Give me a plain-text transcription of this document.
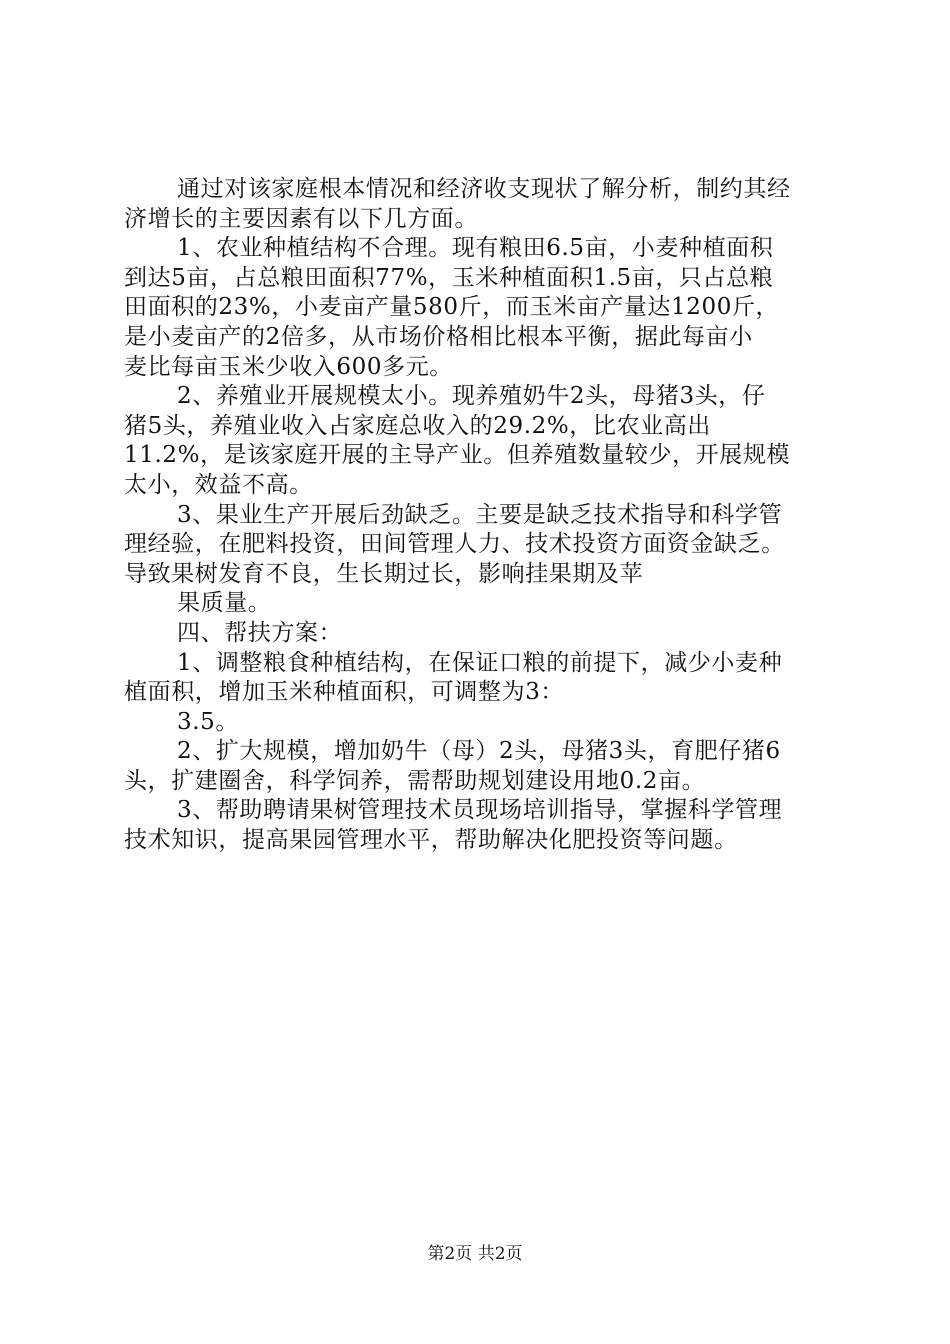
通过对该家庭根本情况和经济收支现状了解分析，制约其经
济增长的主要因素有以下几方面。
1、农业种植结构不合理。现有粮田6.5亩，小麦种植面积
到达5亩，占总粮田面积77%，玉米种植面积1.5亩，只占总粮
田面积的23%，小麦亩产量580斤，而玉米亩产量达1200斤，
是小麦亩产的2倍多，从市场价格相比根本平衡，据此每亩小
麦比每亩玉米少收入600多元。
2、养殖业开展规模太小。现养殖奶牛2头，母猪3头，仔
猪5头，养殖业收入占家庭总收入的29.2%，比农业高出
11.2%，是该家庭开展的主导产业。但养殖数量较少，开展规模
太小，效益不高。
3、果业生产开展后劲缺乏。主要是缺乏技术指导和科学管
理经验，在肥料投资，田间管理人力、技术投资方面资金缺乏。
导致果树发育不良，生长期过长，影响挂果期及苹
果质量。
四、帮扶方案：
1、调整粮食种植结构，在保证口粮的前提下，减少小麦种
植面积，增加玉米种植面积，可调整为3：
3.5。
2、扩大规模，增加奶牛（母）2头，母猪3头，育肥仔猪6
头，扩建圈舍，科学饲养，需帮助规划建设用地0.2亩。
3、帮助聘请果树管理技术员现场培训指导，掌握科学管理
技术知识，提高果园管理水平，帮助解决化肥投资等问题。
第2页 共2页
